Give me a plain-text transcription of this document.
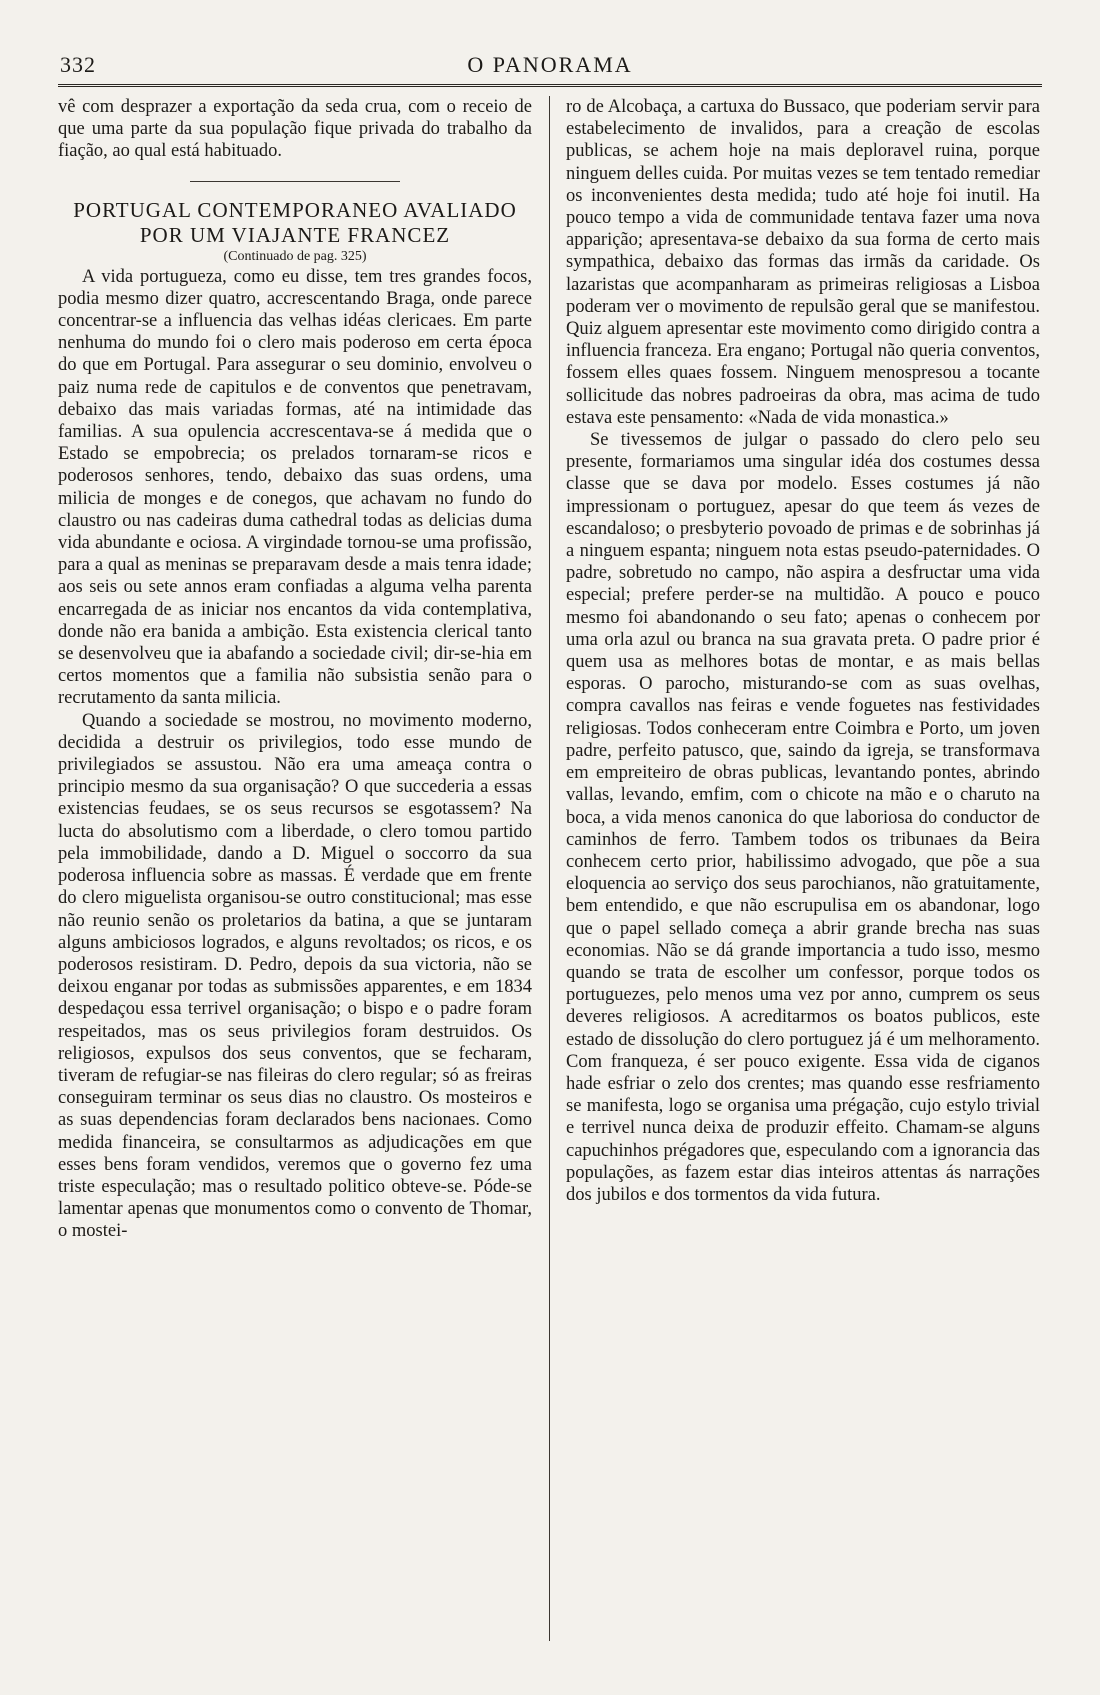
332	O PANORAMA

vê com desprazer a exportação da seda crua, com o receio de que uma parte da sua população fique privada do trabalho da fiação, ao qual está habituado.

PORTUGAL CONTEMPORANEO AVALIADO

POR UM VIAJANTE FRANCEZ

(Continuado de pag. 325)

A vida portugueza, como eu disse, tem tres grandes focos, podia mesmo dizer quatro, accrescentando Braga, onde parece concentrar-se a influencia das velhas idéas clericaes. Em parte nenhuma do mundo foi o clero mais poderoso em certa época do que em Portugal. Para assegurar o seu dominio, envolveu o paiz numa rede de capitulos e de conventos que penetravam, debaixo das mais variadas formas, até na intimidade das familias. A sua opulencia accrescentava-se á medida que o Estado se empobrecia; os prelados tornaram-se ricos e poderosos senhores, tendo, debaixo das suas ordens, uma milicia de monges e de conegos, que achavam no fundo do claustro ou nas cadeiras duma cathedral todas as delicias duma vida abundante e ociosa. A virgindade tornou-se uma profissão, para a qual as meninas se preparavam desde a mais tenra idade; aos seis ou sete annos eram confiadas a alguma velha parenta encarregada de as iniciar nos encantos da vida contemplativa, donde não era banida a ambição. Esta existencia clerical tanto se desenvolveu que ia abafando a sociedade civil; dir-se-hia em certos momentos que a familia não subsistia senão para o recrutamento da santa milicia.

Quando a sociedade se mostrou, no movimento moderno, decidida a destruir os privilegios, todo esse mundo de privilegiados se assustou. Não era uma ameaça contra o principio mesmo da sua organisação? O que succederia a essas existencias feudaes, se os seus recursos se esgotassem? Na lucta do absolutismo com a liberdade, o clero tomou partido pela immobilidade, dando a D. Miguel o soccorro da sua poderosa influencia sobre as massas. É verdade que em frente do clero miguelista organisou-se outro constitucional; mas esse não reunio senão os proletarios da batina, a que se juntaram alguns ambiciosos logrados, e alguns revoltados; os ricos, e os poderosos resistiram. D. Pedro, depois da sua victoria, não se deixou enganar por todas as submissões apparentes, e em 1834 despedaçou essa terrivel organisação; o bispo e o padre foram respeitados, mas os seus privilegios foram destruidos. Os religiosos, expulsos dos seus conventos, que se fecharam, tiveram de refugiar-se nas fileiras do clero regular; só as freiras conseguiram terminar os seus dias no claustro. Os mosteiros e as suas dependencias foram declarados bens nacionaes. Como medida financeira, se consultarmos as adjudicações em que esses bens foram vendidos, veremos que o governo fez uma triste especulação; mas o resultado politico obteve-se. Póde-se lamentar apenas que monumentos como o convento de Thomar, o mostei-

ro de Alcobaça, a cartuxa do Bussaco, que poderiam servir para estabelecimento de invalidos, para a creação de escolas publicas, se achem hoje na mais deploravel ruina, porque ninguem delles cuida. Por muitas vezes se tem tentado remediar os inconvenientes desta medida; tudo até hoje foi inutil. Ha pouco tempo a vida de communidade tentava fazer uma nova apparição; apresentava-se debaixo da sua forma de certo mais sympathica, debaixo das formas das irmãs da caridade. Os lazaristas que acompanharam as primeiras religiosas a Lisboa poderam ver o movimento de repulsão geral que se manifestou. Quiz alguem apresentar este movimento como dirigido contra a influencia franceza. Era engano; Portugal não queria conventos, fossem elles quaes fossem. Ninguem menospresou a tocante sollicitude das nobres padroeiras da obra, mas acima de tudo estava este pensamento: «Nada de vida monastica.»

Se tivessemos de julgar o passado do clero pelo seu presente, formariamos uma singular idéa dos costumes dessa classe que se dava por modelo. Esses costumes já não impressionam o portuguez, apesar do que teem ás vezes de escandaloso; o presbyterio povoado de primas e de sobrinhas já a ninguem espanta; ninguem nota estas pseudo-paternidades. O padre, sobretudo no campo, não aspira a desfructar uma vida especial; prefere perder-se na multidão. A pouco e pouco mesmo foi abandonando o seu fato; apenas o conhecem por uma orla azul ou branca na sua gravata preta. O padre prior é quem usa as melhores botas de montar, e as mais bellas esporas. O parocho, misturando-se com as suas ovelhas, compra cavallos nas feiras e vende foguetes nas festividades religiosas. Todos conheceram entre Coimbra e Porto, um joven padre, perfeito patusco, que, saindo da igreja, se transformava em empreiteiro de obras publicas, levantando pontes, abrindo vallas, levando, emfim, com o chicote na mão e o charuto na boca, a vida menos canonica do que laboriosa do conductor de caminhos de ferro. Tambem todos os tribunaes da Beira conhecem certo prior, habilissimo advogado, que põe a sua eloquencia ao serviço dos seus parochianos, não gratuitamente, bem entendido, e que não escrupulisa em os abandonar, logo que o papel sellado começa a abrir grande brecha nas suas economias. Não se dá grande importancia a tudo isso, mesmo quando se trata de escolher um confessor, porque todos os portuguezes, pelo menos uma vez por anno, cumprem os seus deveres religiosos. A acreditarmos os boatos publicos, este estado de dissolução do clero portuguez já é um melhoramento. Com franqueza, é ser pouco exigente. Essa vida de ciganos hade esfriar o zelo dos crentes; mas quando esse resfriamento se manifesta, logo se organisa uma prégação, cujo estylo trivial e terrivel nunca deixa de produzir effeito. Chamam-se alguns capuchinhos prégadores que, especulando com a ignorancia das populações, as fazem estar dias inteiros attentas ás narrações dos jubilos e dos tormentos da vida futura.
